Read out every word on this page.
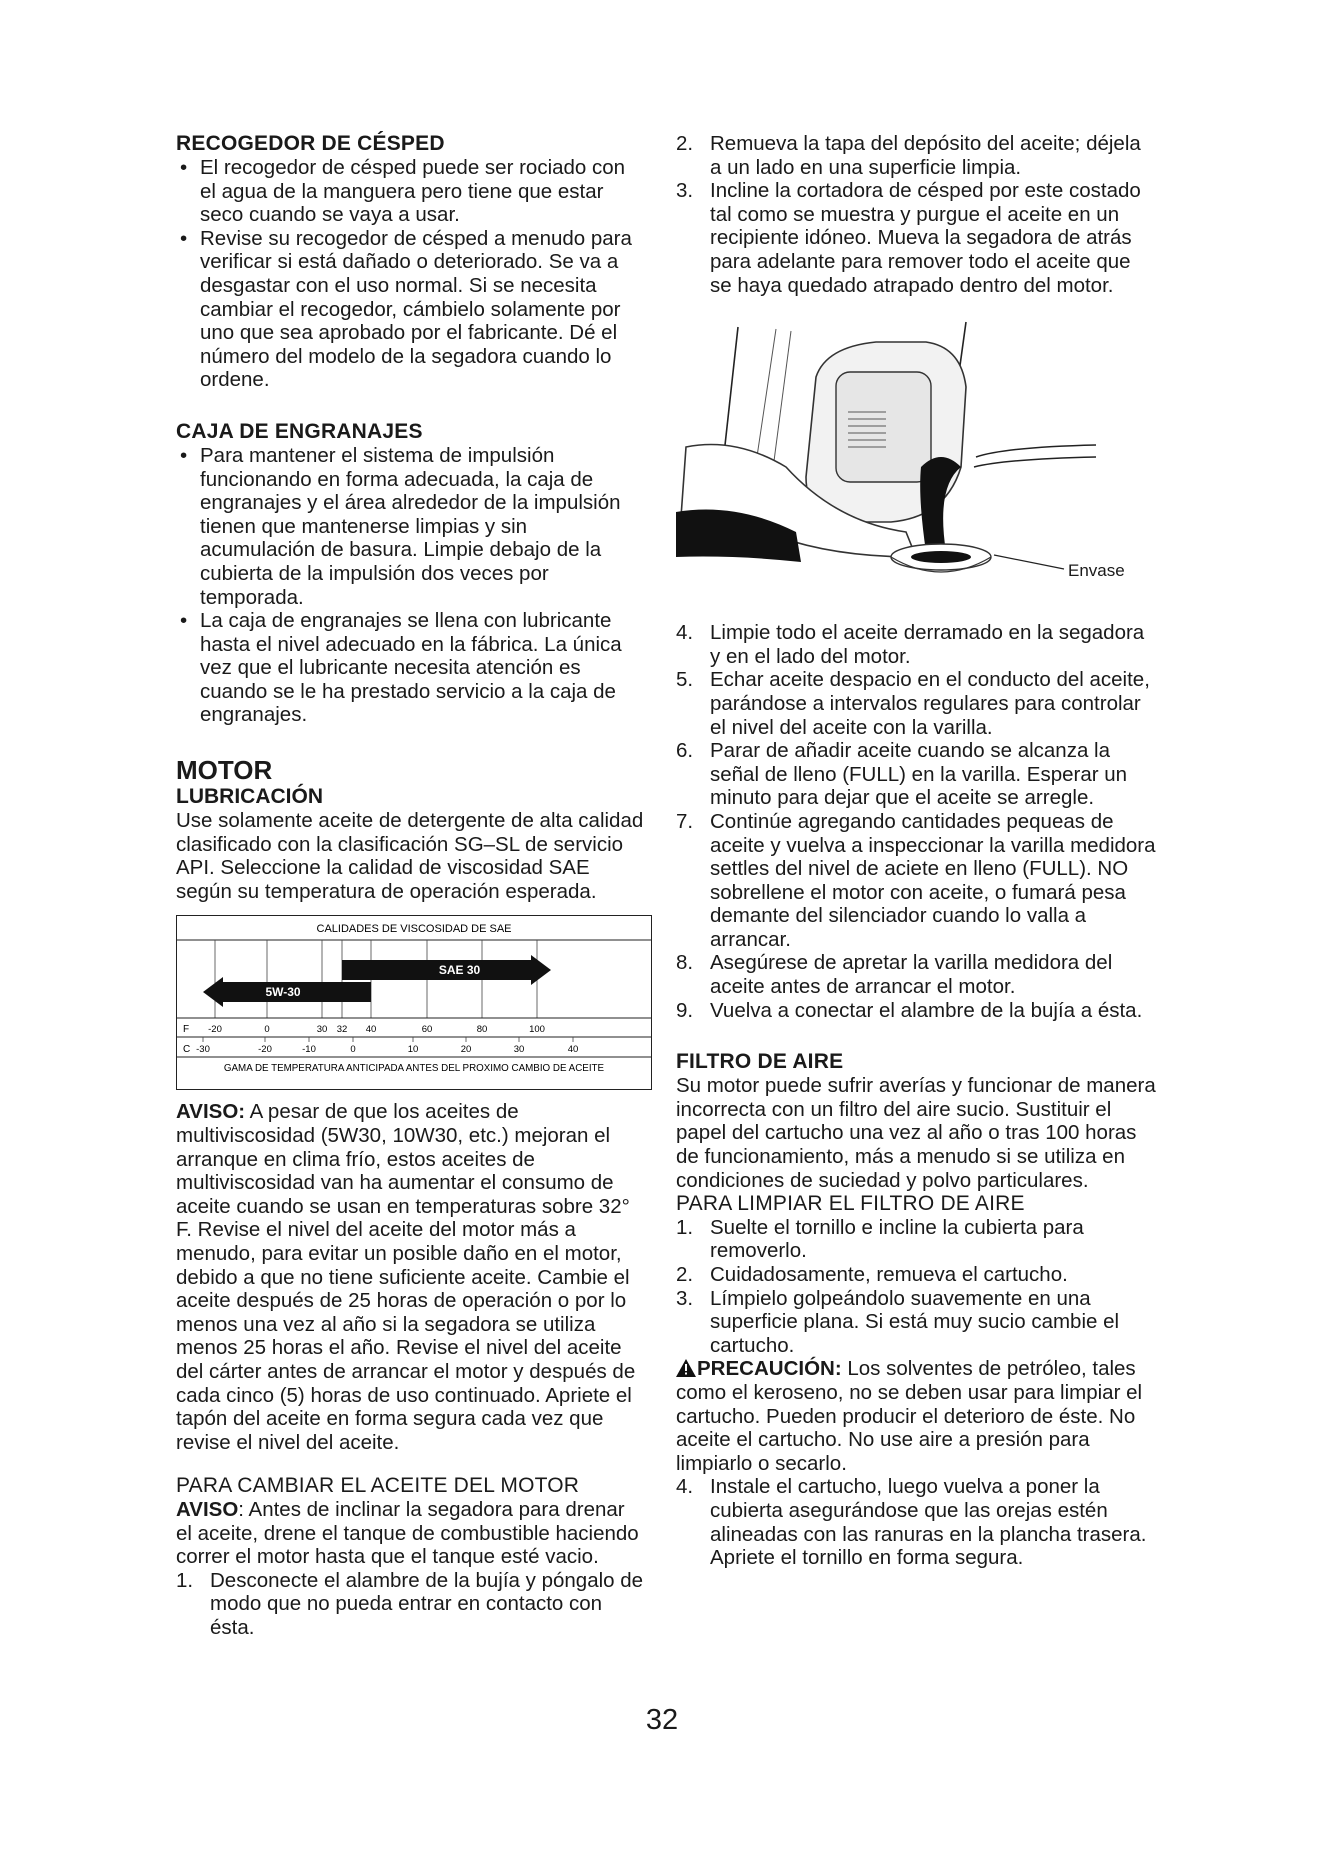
RECOGEDOR DE CÉSPED
• El recogedor de césped puede ser rociado con el agua de la manguera pero tiene que estar seco cuando se vaya a usar.
• Revise su recogedor de césped a menudo para verificar si está dañado o deteriorado. Se va a desgastar con el uso normal. Si se necesita cambiar el recogedor, cámbielo solamente por uno que sea aprobado por el fabricante. Dé el número del modelo de la segadora cuando lo ordene.
CAJA DE ENGRANAJES
• Para mantener el sistema de impulsión funcionando en forma adecuada, la caja de engranajes y el área alrededor de la impulsión tienen que mantenerse limpias y sin acumulación de basura. Limpie debajo de la cubierta de la impulsión dos veces por temporada.
• La caja de engranajes se llena con lubricante hasta el nivel adecuado en la fábrica. La única vez que el lubricante necesita atención es cuando se le ha prestado servicio a la caja de engranajes.
MOTOR
LUBRICACIÓN

Use solamente aceite de detergente de alta calidad clasificado con la clasificación SG–SL de servicio API. Seleccione la calidad de viscosidad SAE según su temperatura de operación esperada.

CALIDADES DE VISCOSIDAD DE SAE
SAE 30
5W-30
F -20	0	30 32 40	60	80	100
C -30	-20	-10	0	10	20	30	40
GAMA DE TEMPERATURA ANTICIPADA ANTES DEL PROXIMO CAMBIO DE ACEITE

AVISO: A pesar de que los aceites de multiviscosidad (5W30, 10W30, etc.) mejoran el arranque en clima frío, estos aceites de multiviscosidad van ha aumentar el consumo de aceite cuando se usan en temperaturas sobre 32° F. Revise el nivel del aceite del motor más a menudo, para evitar un posible daño en el motor, debido a que no tiene suficiente aceite. Cambie el aceite después de 25 horas de operación o por lo menos una vez al año si la segadora se utiliza menos 25 horas el año. Revise el nivel del aceite del cárter antes de arrancar el motor y después de cada cinco (5) horas de uso continuado. Apriete el tapón del aceite en forma segura cada vez que revise el nivel del aceite.

PARA CAMBIAR EL ACEITE DEL MOTOR

AVISO: Antes de inclinar la segadora para drenar el aceite, drene el tanque de combustible haciendo correr el motor hasta que el tanque esté vacio.

1. Desconecte el alambre de la bujía y póngalo de modo que no pueda entrar en contacto con ésta.
2. Remueva la tapa del depósito del aceite; déjela a un lado en una superficie limpia.
3. Incline la cortadora de césped por este costado tal como se muestra y purgue el aceite en un recipiente idóneo. Mueva la segadora de atrás para adelante para remover todo el aceite que se haya quedado atrapado dentro del motor.
Envase
4. Limpie todo el aceite derramado en la segadora y en el lado del motor.
5. Echar aceite despacio en el conducto del aceite, parándose a intervalos regulares para controlar el nivel del aceite con la varilla.
6. Parar de añadir aceite cuando se alcanza la señal de lleno (FULL) en la varilla. Esperar un minuto para dejar que el aceite se arregle.
7. Continúe agregando cantidades pequeas de aceite y vuelva a inspeccionar la varilla medidora settles del nivel de aciete en lleno (FULL). NO sobrellene el motor con aceite, o fumará pesa demante del silenciador cuando lo valla a arrancar.
8. Asegúrese de apretar la varilla medidora del aceite antes de arrancar el motor.
9. Vuelva a conectar el alambre de la bujía a ésta.
FILTRO DE AIRE

Su motor puede sufrir averías y funcionar de manera incorrecta con un filtro del aire sucio. Sustituir el papel del cartucho una vez al año o tras 100 horas de funcionamiento, más a menudo si se utiliza en condiciones de suciedad y polvo particulares.

PARA LIMPIAR EL FILTRO DE AIRE
1. Suelte el tornillo e incline la cubierta para removerlo.
2. Cuidadosamente, remueva el cartucho.
3. Límpielo golpeándolo suavemente en una superficie plana. Si está muy sucio cambie el cartucho.

PRECAUCIÓN: Los solventes de petróleo, tales como el keroseno, no se deben usar para limpiar el cartucho. Pueden producir el deterioro de éste. No aceite el cartucho. No use aire a presión para limpiarlo o secarlo.

4. Instale el cartucho, luego vuelva a poner la cubierta asegurándose que las orejas estén alineadas con las ranuras en la plancha trasera. Apriete el tornillo en forma segura.
32
